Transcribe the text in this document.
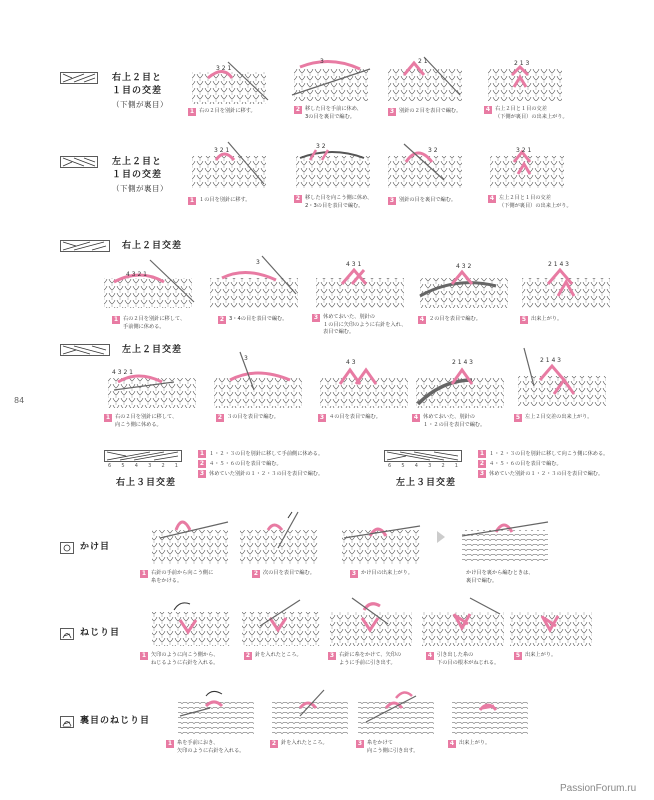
84
PassionForum.ru
右上２目と
１目の交差
（下側が裏目）
3 2 1
1 右の２目を別針に移す。
3
2 移した目を手前に休め、
3の目を裏目で編む。
2 1
3 別針の２目を表目で編む。
2 1 3
4 右上２目と１目の交差
（下側が裏目）の出来上がり。
左上２目と
１目の交差
（下側が裏目）
3 2 1
1 １の目を別針に移す。
3 2
2 移した目を向こう側に休め、
2・3の目を表目で編む。
3 2
3 別針の目を裏目で編む。
3 2 1
4 左上２目と１目の交差
（下側が裏目）の出来上がり。
右上２目交差
4 3 2 1
1 右の２目を別針に移して、
手前側に休める。
3
2 3・4の目を表目で編む。
4 3 1
3 休めておいた、別針の
１の目に矢印のように右針を入れ、
表目で編む。
4 3 2
4 ２の目を表目で編む。
2 1 4 3
5 出来上がり。
左上２目交差
4 3 2 1
1 右の２目を別針に移して、
向こう側に休める。
3
2 ３の目を表目で編む。
4 3
3 ４の目を表目で編む。
2 1 4 3
4 休めておいた、別針の
１・２の目を表目で編む。
2 1 4 3
5 左上２目交差の出来上がり。
6 5 4 3 2 1
右上３目交差
1 １・２・３の目を別針に移して手前側に休める。
2 ４・５・６の目を表目で編む。
3 休めていた別針の１・２・３の目を表目で編む。
6 5 4 3 2 1
左上３目交差
1 １・２・３の目を別針に移して向こう側に休める。
2 ４・５・６の目を表目で編む。
3 休めていた別針の１・２・３の目を表目で編む。
かけ目
1 右針の手前から向こう側に
糸をかける。
2 次の目を表目で編む。	3 かけ目の出来上がり。	かけ目を裏から編むときは、
裏目で編む。
ねじり目
1 矢印のように向こう側から、
ねじるように右針を入れる。
2 針を入れたところ。	3 右針に糸をかけて、矢印の
ように手前に引き出す。
4 引き出した糸の
下の目の根本がねじれる。
5 出来上がり。
裏目のねじり目
1 糸を手前におき、
矢印のように右針を入れる。
2 針を入れたところ。	3 糸をかけて
向こう側に引き出す。
4 出来上がり。
